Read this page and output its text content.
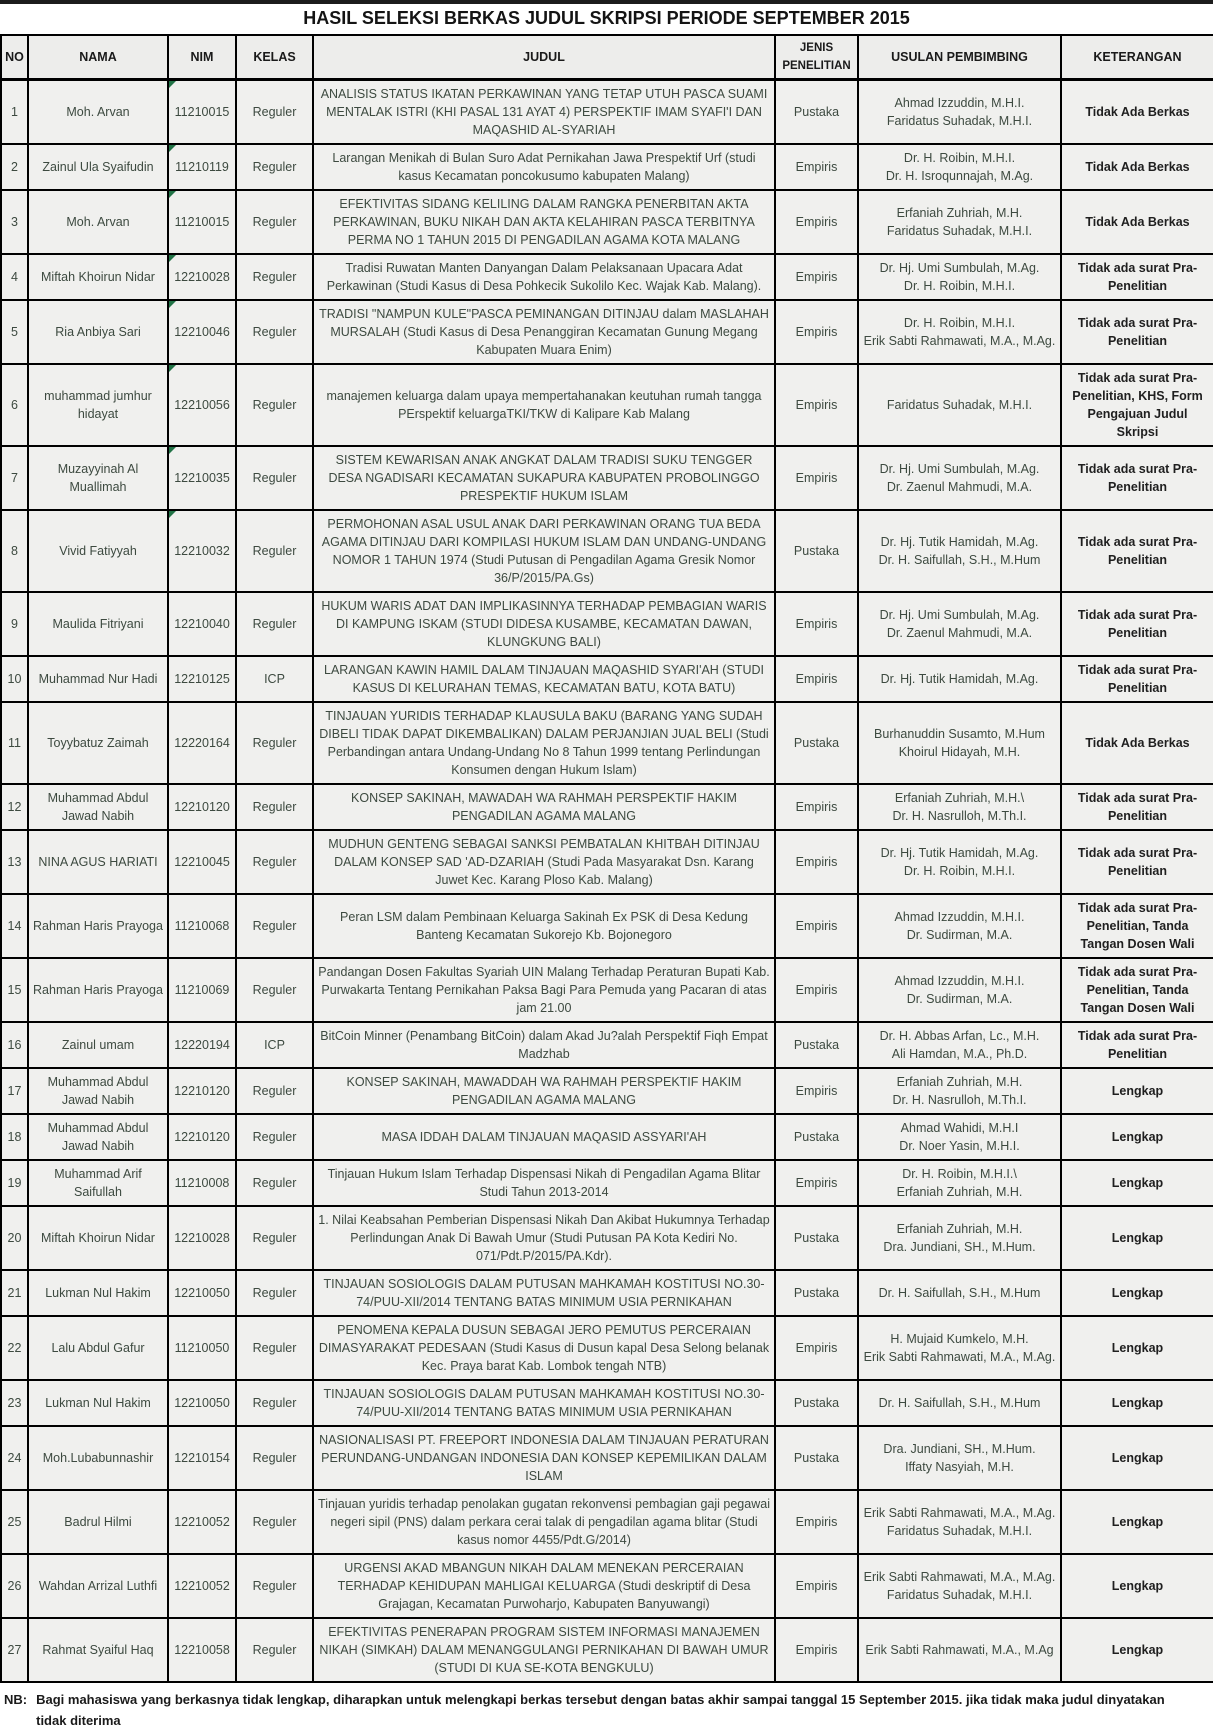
HASIL SELEKSI BERKAS JUDUL SKRIPSI PERIODE SEPTEMBER 2015
NO	NAMA	NIM	KELAS	JUDUL	JENIS PENELITIAN	USULAN PEMBIMBING	KETERANGAN
1	Moh. Arvan	11210015	Reguler	ANALISIS STATUS IKATAN PERKAWINAN YANG TETAP UTUH PASCA SUAMI MENTALAK ISTRI (KHI PASAL 131 AYAT 4) PERSPEKTIF IMAM SYAFI'I DAN MAQASHID AL-SYARIAH	Pustaka	Ahmad Izzuddin, M.H.I.
Faridatus Suhadak, M.H.I.	Tidak Ada Berkas
2	Zainul Ula Syaifudin	11210119	Reguler	Larangan Menikah di Bulan Suro Adat Pernikahan Jawa Prespektif Urf (studi kasus Kecamatan poncokusumo kabupaten Malang)	Empiris	Dr. H. Roibin, M.H.I.
Dr. H. Isroqunnajah, M.Ag.	Tidak Ada Berkas
3	Moh. Arvan	11210015	Reguler	EFEKTIVITAS SIDANG KELILING DALAM RANGKA PENERBITAN AKTA PERKAWINAN, BUKU NIKAH DAN AKTA KELAHIRAN PASCA TERBITNYA PERMA NO 1 TAHUN 2015 DI PENGADILAN AGAMA KOTA MALANG	Empiris	Erfaniah Zuhriah, M.H.
Faridatus Suhadak, M.H.I.	Tidak Ada Berkas
4	Miftah Khoirun Nidar	12210028	Reguler	Tradisi Ruwatan Manten Danyangan Dalam Pelaksanaan Upacara Adat Perkawinan (Studi Kasus di Desa Pohkecik Sukolilo Kec. Wajak Kab. Malang).	Empiris	Dr. Hj. Umi Sumbulah, M.Ag.
Dr. H. Roibin, M.H.I.	Tidak ada surat Pra-Penelitian
5	Ria Anbiya Sari	12210046	Reguler	TRADISI "NAMPUN KULE"PASCA PEMINANGAN DITINJAU dalam MASLAHAH MURSALAH (Studi Kasus di Desa Penanggiran Kecamatan Gunung Megang Kabupaten Muara Enim)	Empiris	Dr. H. Roibin, M.H.I.
Erik Sabti Rahmawati, M.A., M.Ag.	Tidak ada surat Pra-Penelitian
6	muhammad jumhur hidayat	12210056	Reguler	manajemen keluarga dalam upaya mempertahanakan keutuhan rumah tangga PErspektif keluargaTKI/TKW di Kalipare Kab Malang	Empiris	Faridatus Suhadak, M.H.I.	Tidak ada surat Pra-Penelitian, KHS, Form Pengajuan Judul Skripsi
7	Muzayyinah Al Muallimah	12210035	Reguler	SISTEM KEWARISAN ANAK ANGKAT DALAM TRADISI SUKU TENGGER DESA NGADISARI KECAMATAN SUKAPURA KABUPATEN PROBOLINGGO PRESPEKTIF HUKUM ISLAM	Empiris	Dr. Hj. Umi Sumbulah, M.Ag.
Dr. Zaenul Mahmudi, M.A.	Tidak ada surat Pra-Penelitian
8	Vivid Fatiyyah	12210032	Reguler	PERMOHONAN ASAL USUL ANAK DARI PERKAWINAN ORANG TUA BEDA AGAMA DITINJAU DARI KOMPILASI HUKUM ISLAM DAN UNDANG-UNDANG NOMOR 1 TAHUN 1974 (Studi Putusan di Pengadilan Agama Gresik Nomor 36/P/2015/PA.Gs)	Pustaka	Dr. Hj. Tutik Hamidah, M.Ag.
Dr. H. Saifullah, S.H., M.Hum	Tidak ada surat Pra-Penelitian
9	Maulida Fitriyani	12210040	Reguler	HUKUM WARIS ADAT DAN IMPLIKASINNYA TERHADAP PEMBAGIAN WARIS DI KAMPUNG ISKAM (STUDI DIDESA KUSAMBE, KECAMATAN DAWAN, KLUNGKUNG BALI)	Empiris	Dr. Hj. Umi Sumbulah, M.Ag.
Dr. Zaenul Mahmudi, M.A.	Tidak ada surat Pra-Penelitian
10	Muhammad Nur Hadi	12210125	ICP	LARANGAN KAWIN HAMIL DALAM TINJAUAN MAQASHID SYARI'AH (STUDI KASUS DI KELURAHAN TEMAS, KECAMATAN BATU, KOTA BATU)	Empiris	Dr. Hj. Tutik Hamidah, M.Ag.	Tidak ada surat Pra-Penelitian
11	Toyybatuz Zaimah	12220164	Reguler	TINJAUAN YURIDIS TERHADAP KLAUSULA BAKU (BARANG YANG SUDAH DIBELI TIDAK DAPAT DIKEMBALIKAN) DALAM PERJANJIAN JUAL BELI (Studi Perbandingan antara Undang-Undang No 8 Tahun 1999 tentang Perlindungan Konsumen dengan Hukum Islam)	Pustaka	Burhanuddin Susamto, M.Hum
Khoirul Hidayah, M.H.	Tidak Ada Berkas
12	Muhammad Abdul Jawad Nabih	12210120	Reguler	KONSEP SAKINAH, MAWADAH WA RAHMAH PERSPEKTIF HAKIM PENGADILAN AGAMA MALANG	Empiris	Erfaniah Zuhriah, M.H.\
Dr. H. Nasrulloh, M.Th.I.	Tidak ada surat Pra-Penelitian
13	NINA AGUS HARIATI	12210045	Reguler	MUDHUN GENTENG SEBAGAI SANKSI PEMBATALAN KHITBAH DITINJAU DALAM KONSEP SAD 'AD-DZARIAH (Studi Pada Masyarakat Dsn. Karang Juwet Kec. Karang Ploso Kab. Malang)	Empiris	Dr. Hj. Tutik Hamidah, M.Ag.
Dr. H. Roibin, M.H.I.	Tidak ada surat Pra-Penelitian
14	Rahman Haris Prayoga	11210068	Reguler	Peran LSM dalam Pembinaan Keluarga Sakinah Ex PSK di Desa Kedung Banteng Kecamatan Sukorejo Kb. Bojonegoro	Empiris	Ahmad Izzuddin, M.H.I.
Dr. Sudirman, M.A.	Tidak ada surat Pra-Penelitian, Tanda Tangan Dosen Wali
15	Rahman Haris Prayoga	11210069	Reguler	Pandangan Dosen Fakultas Syariah UIN Malang Terhadap Peraturan Bupati Kab. Purwakarta Tentang Pernikahan Paksa Bagi Para Pemuda yang Pacaran di atas jam 21.00	Empiris	Ahmad Izzuddin, M.H.I.
Dr. Sudirman, M.A.	Tidak ada surat Pra-Penelitian, Tanda Tangan Dosen Wali
16	Zainul umam	12220194	ICP	BitCoin Minner (Penambang BitCoin) dalam Akad Ju?alah Perspektif Fiqh Empat Madzhab	Pustaka	Dr. H. Abbas Arfan, Lc., M.H.
Ali Hamdan, M.A., Ph.D.	Tidak ada surat Pra-Penelitian
17	Muhammad Abdul Jawad Nabih	12210120	Reguler	KONSEP SAKINAH, MAWADDAH WA RAHMAH PERSPEKTIF HAKIM PENGADILAN AGAMA MALANG	Empiris	Erfaniah Zuhriah, M.H.
Dr. H. Nasrulloh, M.Th.I.	Lengkap
18	Muhammad Abdul Jawad Nabih	12210120	Reguler	MASA IDDAH DALAM TINJAUAN MAQASID ASSYARI'AH	Pustaka	Ahmad Wahidi, M.H.I
Dr. Noer Yasin, M.H.I.	Lengkap
19	Muhammad Arif Saifullah	11210008	Reguler	Tinjauan Hukum Islam Terhadap Dispensasi Nikah di Pengadilan Agama Blitar Studi Tahun 2013-2014	Empiris	Dr. H. Roibin, M.H.I.\
Erfaniah Zuhriah, M.H.	Lengkap
20	Miftah Khoirun Nidar	12210028	Reguler	1. Nilai Keabsahan Pemberian Dispensasi Nikah Dan Akibat Hukumnya Terhadap Perlindungan Anak Di Bawah Umur (Studi Putusan PA Kota Kediri No. 071/Pdt.P/2015/PA.Kdr).	Pustaka	Erfaniah Zuhriah, M.H.
Dra. Jundiani, SH., M.Hum.	Lengkap
21	Lukman Nul Hakim	12210050	Reguler	TINJAUAN SOSIOLOGIS DALAM PUTUSAN MAHKAMAH KOSTITUSI NO.30-74/PUU-XII/2014 TENTANG BATAS MINIMUM USIA PERNIKAHAN	Pustaka	Dr. H. Saifullah, S.H., M.Hum	Lengkap
22	Lalu Abdul Gafur	11210050	Reguler	PENOMENA KEPALA DUSUN SEBAGAI JERO PEMUTUS PERCERAIAN DIMASYARAKAT PEDESAAN (Studi Kasus di Dusun kapal Desa Selong belanak Kec. Praya barat Kab. Lombok tengah NTB)	Empiris	H. Mujaid Kumkelo, M.H.
Erik Sabti Rahmawati, M.A., M.Ag.	Lengkap
23	Lukman Nul Hakim	12210050	Reguler	TINJAUAN SOSIOLOGIS DALAM PUTUSAN MAHKAMAH KOSTITUSI NO.30-74/PUU-XII/2014 TENTANG BATAS MINIMUM USIA PERNIKAHAN	Pustaka	Dr. H. Saifullah, S.H., M.Hum	Lengkap
24	Moh.Lubabunnashir	12210154	Reguler	NASIONALISASI PT. FREEPORT INDONESIA DALAM TINJAUAN PERATURAN PERUNDANG-UNDANGAN INDONESIA DAN KONSEP KEPEMILIKAN DALAM ISLAM	Pustaka	Dra. Jundiani, SH., M.Hum.
Iffaty Nasyiah, M.H.	Lengkap
25	Badrul Hilmi	12210052	Reguler	Tinjauan yuridis terhadap penolakan gugatan rekonvensi pembagian gaji pegawai negeri sipil (PNS) dalam perkara cerai talak di pengadilan agama blitar (Studi kasus nomor 4455/Pdt.G/2014)	Empiris	Erik Sabti Rahmawati, M.A., M.Ag.
Faridatus Suhadak, M.H.I.	Lengkap
26	Wahdan Arrizal Luthfi	12210052	Reguler	URGENSI AKAD MBANGUN NIKAH DALAM MENEKAN PERCERAIAN TERHADAP KEHIDUPAN MAHLIGAI KELUARGA (Studi deskriptif di Desa Grajagan, Kecamatan Purwoharjo, Kabupaten Banyuwangi)	Empiris	Erik Sabti Rahmawati, M.A., M.Ag.
Faridatus Suhadak, M.H.I.	Lengkap
27	Rahmat Syaiful Haq	12210058	Reguler	EFEKTIVITAS PENERAPAN PROGRAM SISTEM INFORMASI MANAJEMEN NIKAH (SIMKAH) DALAM MENANGGULANGI PERNIKAHAN DI BAWAH UMUR (STUDI DI KUA SE-KOTA BENGKULU)	Empiris	Erik Sabti Rahmawati, M.A., M.Ag	Lengkap
NB: Bagi mahasiswa yang berkasnya tidak lengkap, diharapkan untuk melengkapi berkas tersebut dengan batas akhir sampai tanggal 15 September 2015. jika tidak maka judul dinyatakan tidak diterima
